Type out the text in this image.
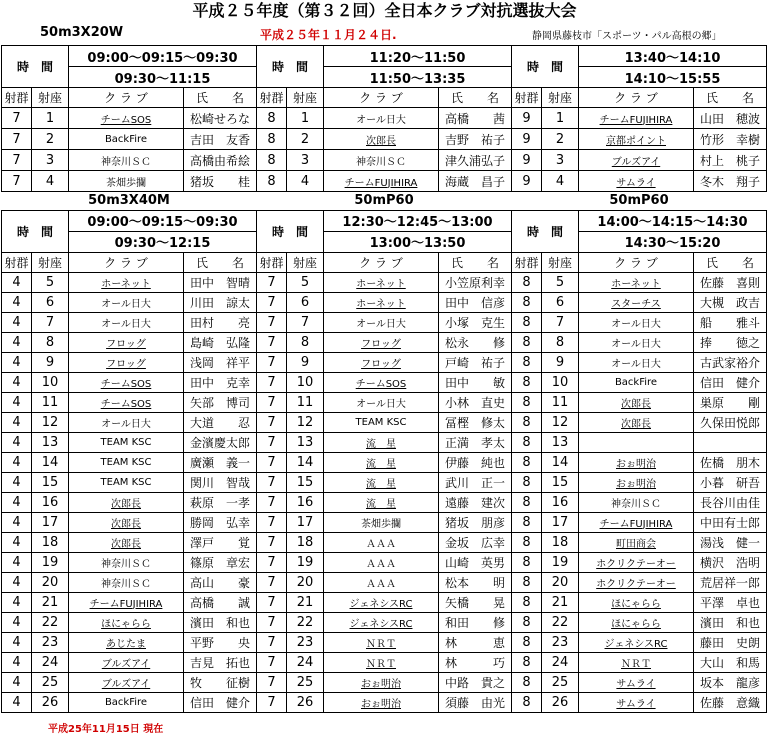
平成２５年度（第３２回）全日本クラブ対抗選抜大会
50m3X20W	平成２５年１１月２４日.	静岡県藤枝市「スポーツ・パル高根の郷」
時　間		09:00～09:15～09:30		時　間		11:20～11:50		時　間		13:40～14:10	
		09:30～11:15				11:50～13:35				14:10～15:55	
射群	射座	ク ラ ブ	氏　　名	射群	射座	ク ラ ブ	氏　　名	射群	射座	ク ラ ブ	氏　　名
7	1	チームSOS	松崎せろな	8	1	オール日大	高橋　　茜	9	1	チームFUJIHIRA	山田　穂波
7	2	BackFire	吉田　友香	8	2	次郎長	吉野　祐子	9	2	京都ポイント	竹形　幸樹
7	3	神奈川ＳＣ	高橋由希絵	8	3	神奈川ＳＣ	津久浦弘子	9	3	ブルズアイ	村上　桃子
7	4	茶畑歩攔	猪坂　　桂	8	4	チームFUJIHIRA	海蔵　昌子	9	4	サムライ	冬木　翔子
50m3X40M				50mP60				50mP60			
時　間		09:00～09:15～09:30		時　間		12:30～12:45～13:00		時　間		14:00～14:15～14:30	
		09:30～12:15				13:00～13:50				14:30～15:20	
射群	射座	ク ラ ブ	氏　　名	射群	射座	ク ラ ブ	氏　　名	射群	射座	ク ラ ブ	氏　　名
4	5	ホーネット	田中　智晴	7	5	ホーネット	小笠原利幸	8	5	ホーネット	佐藤　喜則
4	6	オール日大	川田　諒太	7	6	ホーネット	田中　信彦	8	6	スターチス	大槻　政吉
4	7	オール日大	田村　　亮	7	7	オール日大	小塚　克生	8	7	オール日大	船　　雅斗
4	8	フロッグ	島崎　弘隆	7	8	フロッグ	松永　　修	8	8	オール日大	捧　　徳之
4	9	フロッグ	浅岡　祥平	7	9	フロッグ	戸崎　祐子	8	9	オール日大	古武家裕介
4	10	チームSOS	田中　克幸	7	10	チームSOS	田中　　敏	8	10	BackFire	信田　健介
4	11	チームSOS	矢部　博司	7	11	オール日大	小林　直史	8	11	次郎長	巣原　　剛
4	12	オール日大	大道　　忍	7	12	TEAM KSC	冨樫　修太	8	12	次郎長	久保田悦郎
4	13	TEAM KSC	金濱慶太郎	7	13	流　星	正満　孝太	8	13		
4	14	TEAM KSC	廣瀬　義一	7	14	流　星	伊藤　純也	8	14	おぉ明治	佐橋　朋木
4	15	TEAM KSC	関川　智哉	7	15	流　星	武川　正一	8	15	おぉ明治	小暮　研吾
4	16	次郎長	萩原　一孝	7	16	流　星	遠藤　建次	8	16	神奈川ＳＣ	長谷川由佳
4	17	次郎長	勝岡　弘幸	7	17	茶畑歩攔	猪坂　朋彦	8	17	チームFUJIHIRA	中田有士郎
4	18	次郎長	澤戸　　覚	7	18	ＡＡＡ	金坂　広幸	8	18	町田商会	湯浅　健一
4	19	神奈川ＳＣ	篠原　章宏	7	19	ＡＡＡ	山崎　英男	8	19	ホクリクテーオー	横沢　浩明
4	20	神奈川ＳＣ	高山　　豪	7	20	ＡＡＡ	松本　　明	8	20	ホクリクテーオー	荒居祥一郎
4	21	チームFUJIHIRA	高橋　　誠	7	21	ジェネシスRC	矢橋　　晃	8	21	ほにゃらら	平澤　卓也
4	22	ほにゃらら	濱田　和也	7	22	ジェネシスRC	和田　　修	8	22	ほにゃらら	濱田　和也
4	23	あじたま	平野　　央	7	23	ＮＲＴ	林　　　恵	8	23	ジェネシスRC	藤田　史朗
4	24	ブルズアイ	吉見　拓也	7	24	ＮＲＴ	林　　　巧	8	24	ＮＲＴ	大山　和馬
4	25	ブルズアイ	牧　　征樹	7	25	おぉ明治	中路　貴之	8	25	サムライ	坂本　龍彦
4	26	BackFire	信田　健介	7	26	おぉ明治	須藤　由光	8	26	サムライ	佐藤　意織
平成25年11月15日 現在
